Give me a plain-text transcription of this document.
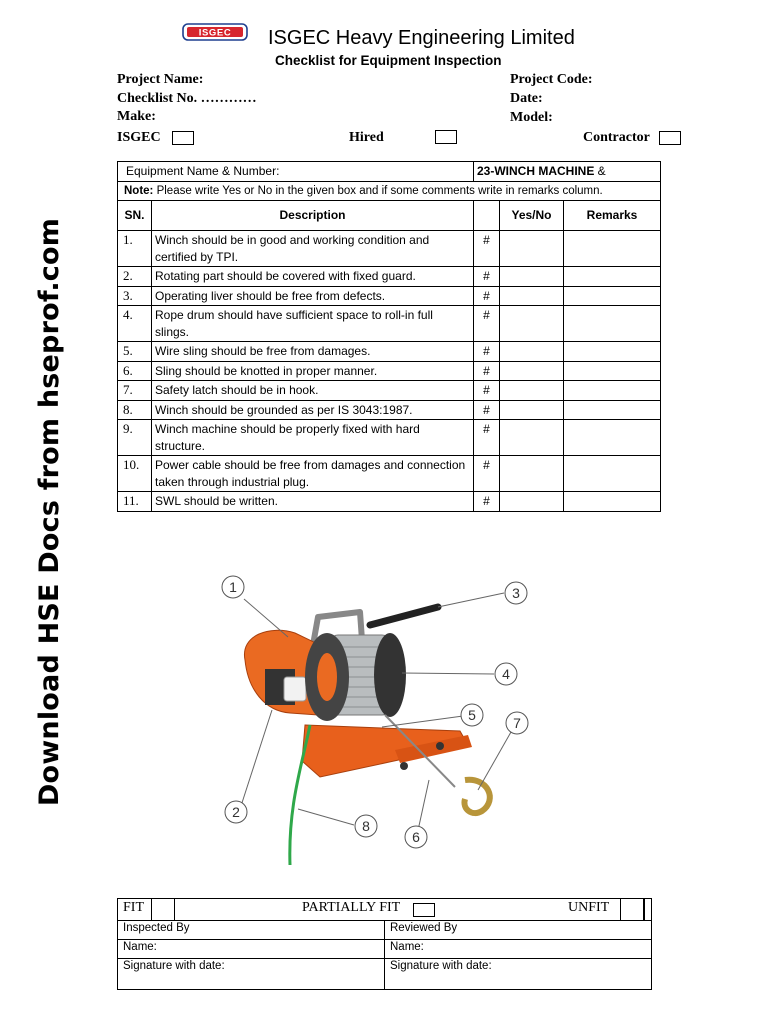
Download HSE Docs from hseprof.com
ISGEC ISGEC Heavy Engineering Limited
Checklist for Equipment Inspection
Project Name:
Checklist No. …………
Make:
Project Code:
Date:
Model:
ISGEC	Hired	Contractor
Equipment Name & Number:		23-WINCH MACHINE &		
Note: Please write Yes or No in the given box and if some comments write in remarks column.				
SN.	Description		Yes/No	Remarks
1.	Winch should be in good and working condition and certified by TPI.	#		
2.	Rotating part should be covered with fixed guard.	#		
3.	Operating liver should be free from defects.	#		
4.	Rope drum should have sufficient space to roll-in full slings.	#		
5.	Wire sling should be free from damages.	#		
6.	Sling should be knotted in proper manner.	#		
7.	Safety latch should be in hook.	#		
8.	Winch should be grounded as per IS 3043:1987.	#		
9.	Winch machine should be properly fixed with hard structure.	#		
10.	Power cable should be free from damages and connection taken through industrial plug.	#		
11.	SWL should be written.	#		
1
2
3
4
5
6
7
8
FIT PARTIALLY FIT UNFIT	

Inspected By	Reviewed By
Name:	Name:
Signature with date:	Signature with date:
